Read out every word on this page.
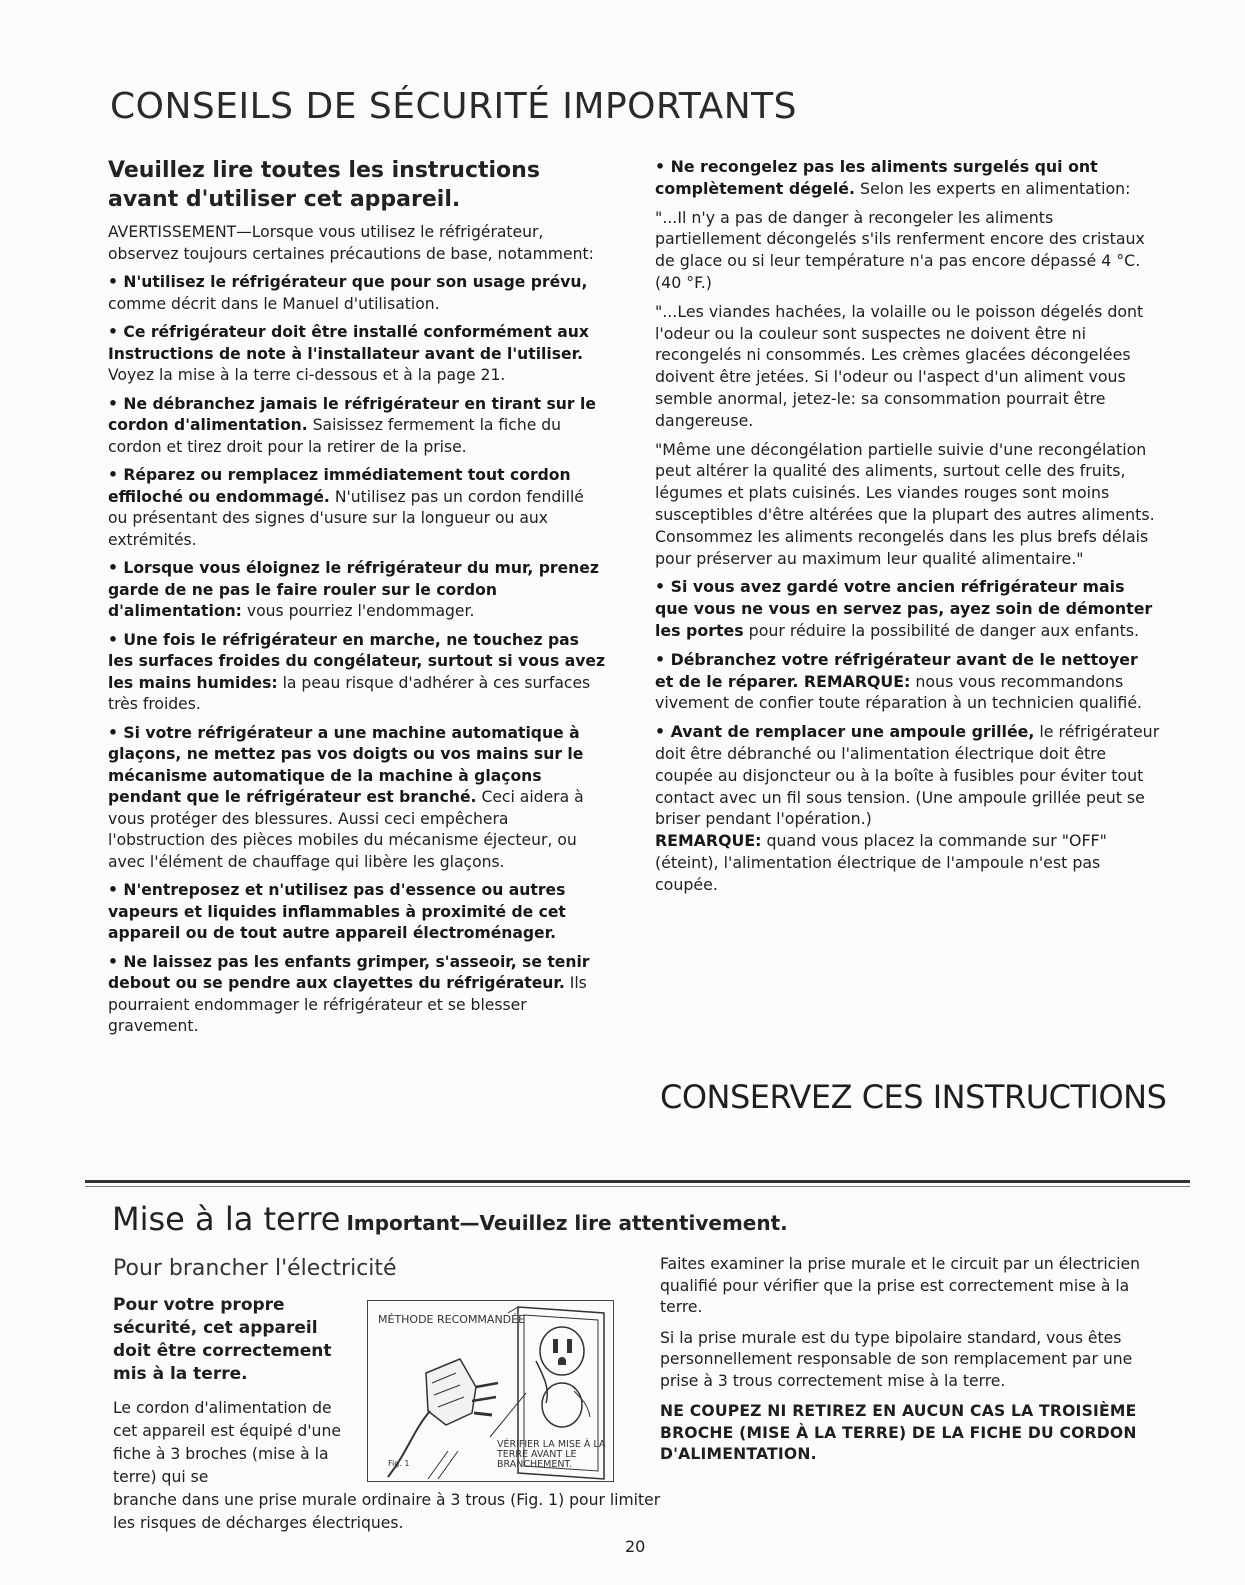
CONSEILS DE SÉCURITÉ IMPORTANTS
Veuillez lire toutes les instructions avant d'utiliser cet appareil.

AVERTISSEMENT—Lorsque vous utilisez le réfrigérateur, observez toujours certaines précautions de base, notamment:

• N'utilisez le réfrigérateur que pour son usage prévu, comme décrit dans le Manuel d'utilisation.

• Ce réfrigérateur doit être installé conformément aux Instructions de note à l'installateur avant de l'utiliser. Voyez la mise à la terre ci-dessous et à la page 21.

• Ne débranchez jamais le réfrigérateur en tirant sur le cordon d'alimentation. Saisissez fermement la fiche du cordon et tirez droit pour la retirer de la prise.

• Réparez ou remplacez immédiatement tout cordon effiloché ou endommagé. N'utilisez pas un cordon fendillé ou présentant des signes d'usure sur la longueur ou aux extrémités.

• Lorsque vous éloignez le réfrigérateur du mur, prenez garde de ne pas le faire rouler sur le cordon d'alimentation: vous pourriez l'endommager.

• Une fois le réfrigérateur en marche, ne touchez pas les surfaces froides du congélateur, surtout si vous avez les mains humides: la peau risque d'adhérer à ces surfaces très froides.

• Si votre réfrigérateur a une machine automatique à glaçons, ne mettez pas vos doigts ou vos mains sur le mécanisme automatique de la machine à glaçons pendant que le réfrigérateur est branché. Ceci aidera à vous protéger des blessures. Aussi ceci empêchera l'obstruction des pièces mobiles du mécanisme éjecteur, ou avec l'élément de chauffage qui libère les glaçons.

• N'entreposez et n'utilisez pas d'essence ou autres vapeurs et liquides inflammables à proximité de cet appareil ou de tout autre appareil électroménager.

• Ne laissez pas les enfants grimper, s'asseoir, se tenir debout ou se pendre aux clayettes du réfrigérateur. Ils pourraient endommager le réfrigérateur et se blesser gravement.

• Ne recongelez pas les aliments surgelés qui ont complètement dégelé. Selon les experts en alimentation:

"...Il n'y a pas de danger à recongeler les aliments partiellement décongelés s'ils renferment encore des cristaux de glace ou si leur température n'a pas encore dépassé 4 °C. (40 °F.)

"...Les viandes hachées, la volaille ou le poisson dégelés dont l'odeur ou la couleur sont suspectes ne doivent être ni recongelés ni consommés. Les crèmes glacées décongelées doivent être jetées. Si l'odeur ou l'aspect d'un aliment vous semble anormal, jetez-le: sa consommation pourrait être dangereuse.

"Même une décongélation partielle suivie d'une recongélation peut altérer la qualité des aliments, surtout celle des fruits, légumes et plats cuisinés. Les viandes rouges sont moins susceptibles d'être altérées que la plupart des autres aliments. Consommez les aliments recongelés dans les plus brefs délais pour préserver au maximum leur qualité alimentaire."

• Si vous avez gardé votre ancien réfrigérateur mais que vous ne vous en servez pas, ayez soin de démonter les portes pour réduire la possibilité de danger aux enfants.

• Débranchez votre réfrigérateur avant de le nettoyer et de le réparer. REMARQUE: nous vous recommandons vivement de confier toute réparation à un technicien qualifié.

• Avant de remplacer une ampoule grillée, le réfrigérateur doit être débranché ou l'alimentation électrique doit être coupée au disjoncteur ou à la boîte à fusibles pour éviter tout contact avec un fil sous tension. (Une ampoule grillée peut se briser pendant l'opération.)
REMARQUE: quand vous placez la commande sur "OFF" (éteint), l'alimentation électrique de l'ampoule n'est pas coupée.

CONSERVEZ CES INSTRUCTIONS
Mise à la terre Important—Veuillez lire attentivement.
Pour brancher l'électricité

Pour votre propre sécurité, cet appareil doit être correctement mis à la terre.

Le cordon d'alimentation de cet appareil est équipé d'une fiche à 3 broches (mise à la terre) qui se

branche dans une prise murale ordinaire à 3 trous (Fig. 1) pour limiter les risques de décharges électriques.

MÉTHODE RECOMMANDÉE
VÉRIFIER LA MISE À LA TERRE AVANT LE BRANCHEMENT.
Fig. 1

Faites examiner la prise murale et le circuit par un électricien qualifié pour vérifier que la prise est correctement mise à la terre.

Si la prise murale est du type bipolaire standard, vous êtes personnellement responsable de son remplacement par une prise à 3 trous correctement mise à la terre.

NE COUPEZ NI RETIREZ EN AUCUN CAS LA TROISIÈME BROCHE (MISE À LA TERRE) DE LA FICHE DU CORDON D'ALIMENTATION.

20
